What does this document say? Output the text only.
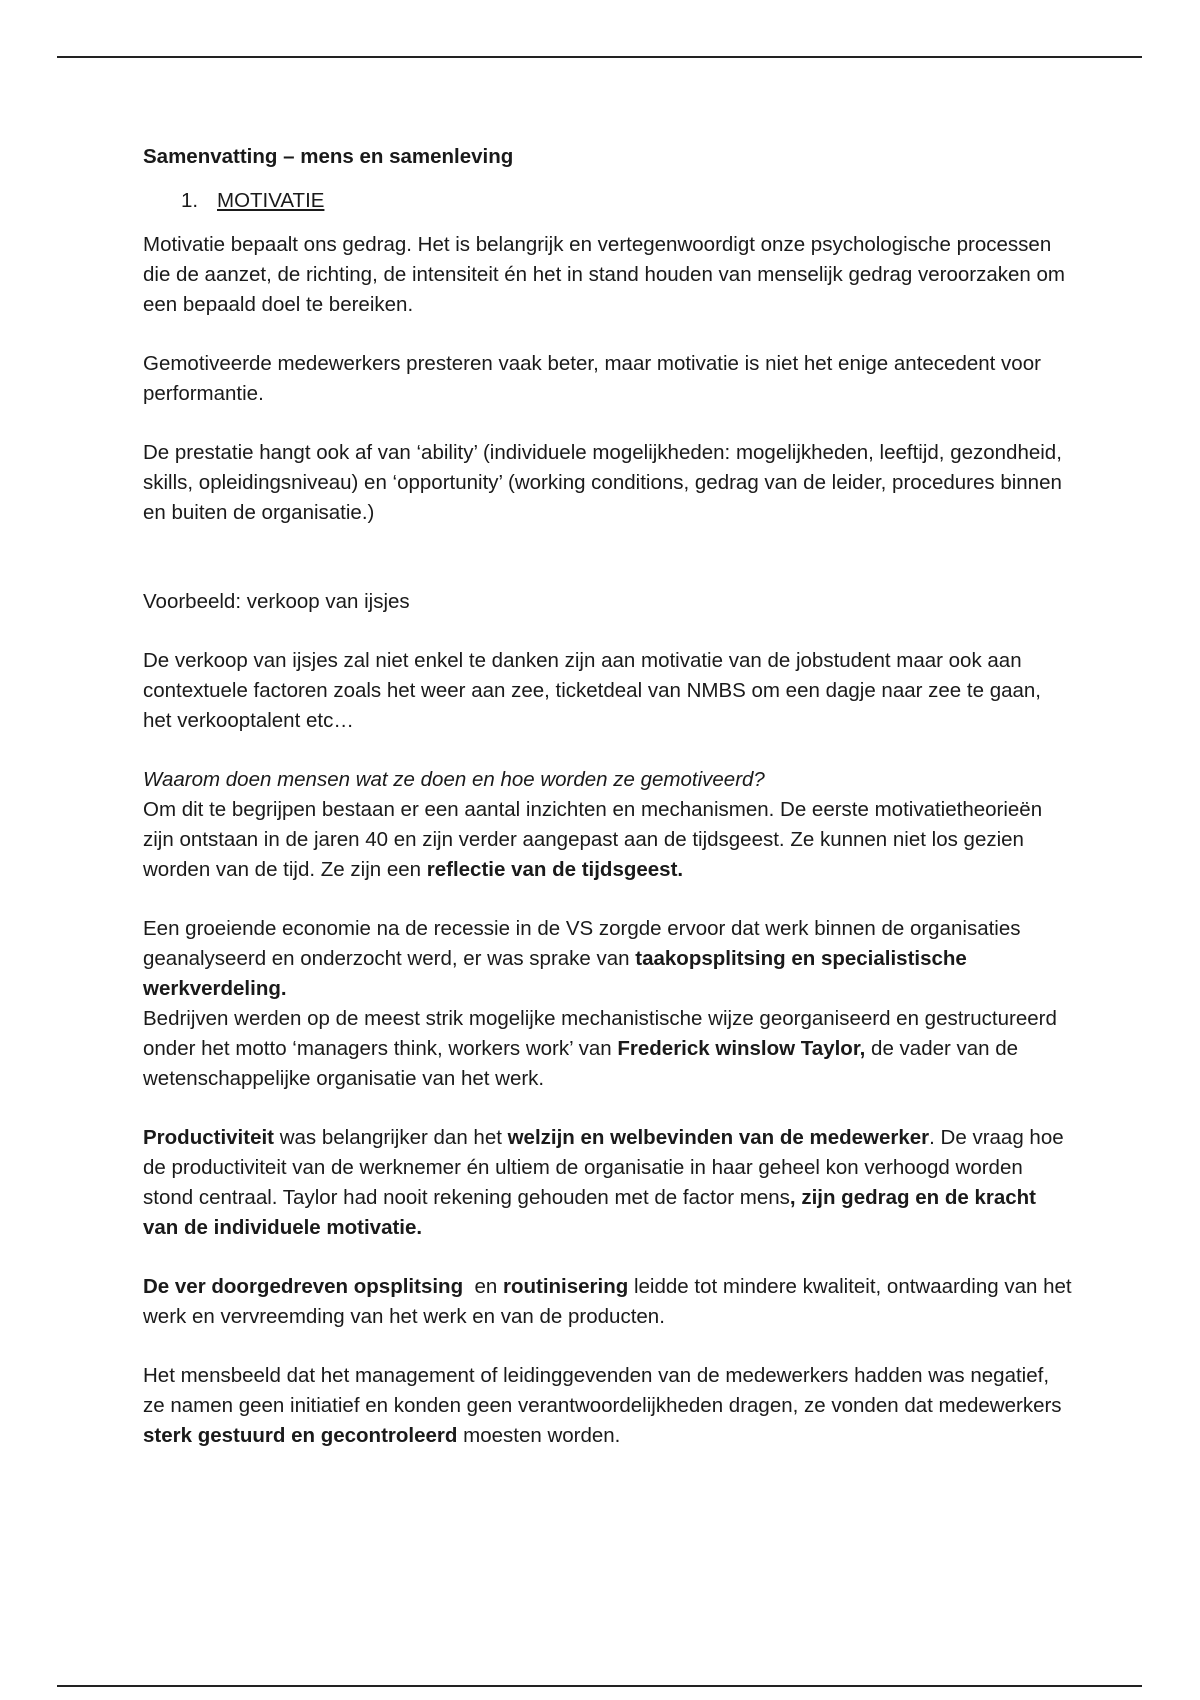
Samenvatting – mens en samenleving
1. MOTIVATIE

Motivatie bepaalt ons gedrag. Het is belangrijk en vertegenwoordigt onze psychologische processen die de aanzet, de richting, de intensiteit én het in stand houden van menselijk gedrag veroorzaken om een bepaald doel te bereiken.

Gemotiveerde medewerkers presteren vaak beter, maar motivatie is niet het enige antecedent voor performantie.

De prestatie hangt ook af van ‘ability’ (individuele mogelijkheden: mogelijkheden, leeftijd, gezondheid, skills, opleidingsniveau) en ‘opportunity’ (working conditions, gedrag van de leider, procedures binnen en buiten de organisatie.)

Voorbeeld: verkoop van ijsjes

De verkoop van ijsjes zal niet enkel te danken zijn aan motivatie van de jobstudent maar ook aan contextuele factoren zoals het weer aan zee, ticketdeal van NMBS om een dagje naar zee te gaan, het verkooptalent etc…

Waarom doen mensen wat ze doen en hoe worden ze gemotiveerd?

Om dit te begrijpen bestaan er een aantal inzichten en mechanismen. De eerste motivatietheorieën zijn ontstaan in de jaren 40 en zijn verder aangepast aan de tijdsgeest. Ze kunnen niet los gezien worden van de tijd. Ze zijn een reflectie van de tijdsgeest.

Een groeiende economie na de recessie in de VS zorgde ervoor dat werk binnen de organisaties geanalyseerd en onderzocht werd, er was sprake van taakopsplitsing en specialistische werkverdeling.

Bedrijven werden op de meest strik mogelijke mechanistische wijze georganiseerd en gestructureerd onder het motto ‘managers think, workers work’ van Frederick winslow Taylor, de vader van de wetenschappelijke organisatie van het werk.

Productiviteit was belangrijker dan het welzijn en welbevinden van de medewerker. De vraag hoe de productiviteit van de werknemer én ultiem de organisatie in haar geheel kon verhoogd worden stond centraal. Taylor had nooit rekening gehouden met de factor mens, zijn gedrag en de kracht van de individuele motivatie.

De ver doorgedreven opsplitsing  en routinisering leidde tot mindere kwaliteit, ontwaarding van het werk en vervreemding van het werk en van de producten.

Het mensbeeld dat het management of leidinggevenden van de medewerkers hadden was negatief, ze namen geen initiatief en konden geen verantwoordelijkheden dragen, ze vonden dat medewerkers sterk gestuurd en gecontroleerd moesten worden.
